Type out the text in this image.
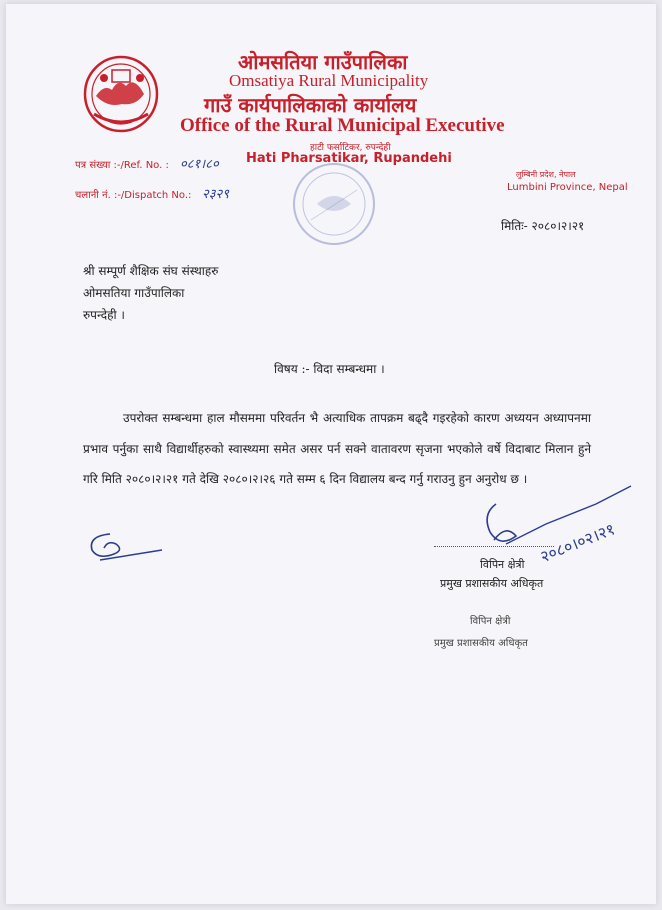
ओमसतिया गाउँपालिका
Omsatiya Rural Municipality
गाउँ कार्यपालिकाको कार्यालय
Office of the Rural Municipal Executive
हाटी फर्साटिकर, रुपन्देही
Hati Pharsatikar, Rupandehi
पत्र संख्या :-/Ref. No. : ०८१।८०
चलानी नं. :-/Dispatch No.: २३२९
लुम्बिनी प्रदेश, नेपाल
Lumbini Province, Nepal
मितिः- २०८०।२।२१
श्री सम्पूर्ण शैक्षिक संघ संस्थाहरु
ओमसतिया गाउँपालिका
रुपन्देही ।
विषय :- विदा सम्बन्धमा ।
उपरोक्त सम्बन्धमा हाल मौसममा परिवर्तन भै अत्याधिक तापक्रम बढ्दै गइरहेको कारण अध्ययन अध्यापनमा प्रभाव पर्नुका साथै विद्यार्थीहरुको स्वास्थ्यमा समेत असर पर्न सक्ने वातावरण सृजना भएकोले वर्षे विदाबाट मिलान हुने गरि मिति २०८०।२।२१ गते देखि २०८०।२।२६ गते सम्म ६ दिन विद्यालय बन्द गर्नु गराउनु हुन अनुरोध छ ।
२०८०।०२।२१
विपिन क्षेत्री
प्रमुख प्रशासकीय अधिकृत
विपिन क्षेत्री
प्रमुख प्रशासकीय अधिकृत
